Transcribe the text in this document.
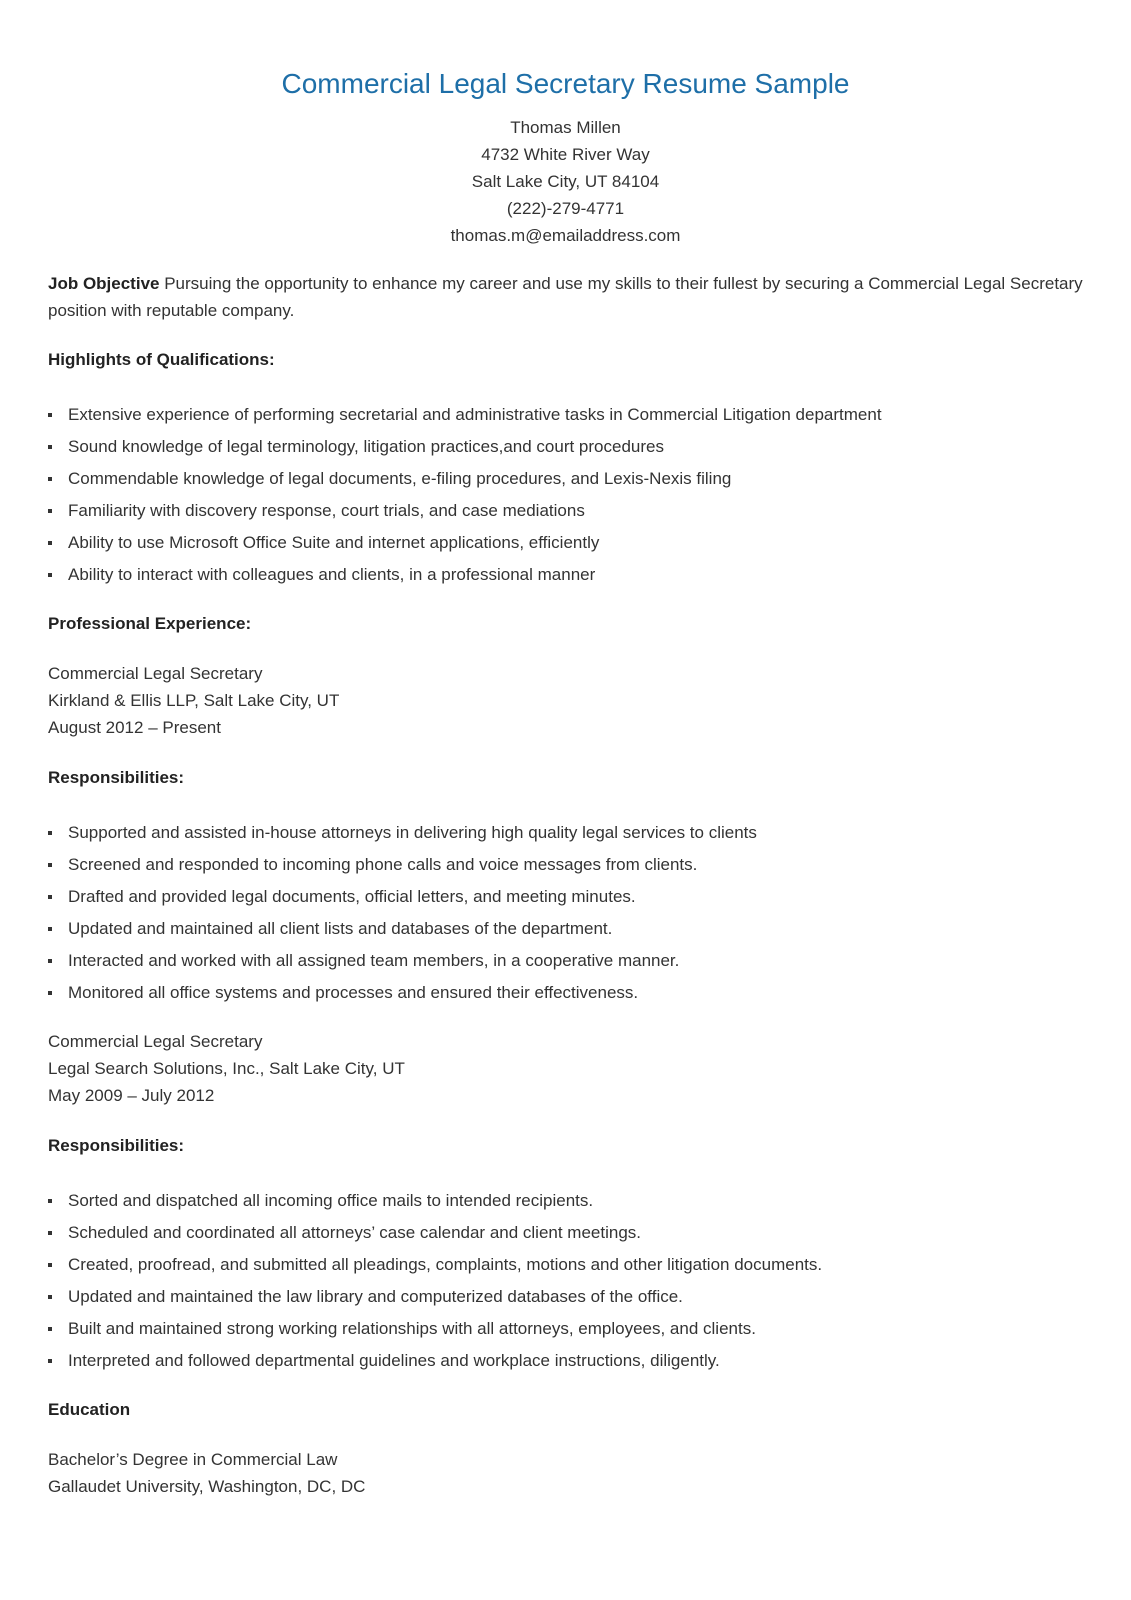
Commercial Legal Secretary Resume Sample
Thomas Millen
4732 White River Way
Salt Lake City, UT 84104
(222)-279-4771
thomas.m@emailaddress.com
Job Objective Pursuing the opportunity to enhance my career and use my skills to their fullest by securing a Commercial Legal Secretary position with reputable company.
Highlights of Qualifications:
Extensive experience of performing secretarial and administrative tasks in Commercial Litigation department
Sound knowledge of legal terminology, litigation practices,and court procedures
Commendable knowledge of legal documents, e-filing procedures, and Lexis-Nexis filing
Familiarity with discovery response, court trials, and case mediations
Ability to use Microsoft Office Suite and internet applications, efficiently
Ability to interact with colleagues and clients, in a professional manner
Professional Experience:
Commercial Legal Secretary
Kirkland & Ellis LLP, Salt Lake City, UT
August 2012 – Present
Responsibilities:
Supported and assisted in-house attorneys in delivering high quality legal services to clients
Screened and responded to incoming phone calls and voice messages from clients.
Drafted and provided legal documents, official letters, and meeting minutes.
Updated and maintained all client lists and databases of the department.
Interacted and worked with all assigned team members, in a cooperative manner.
Monitored all office systems and processes and ensured their effectiveness.
Commercial Legal Secretary
Legal Search Solutions, Inc., Salt Lake City, UT
May 2009 – July 2012
Responsibilities:
Sorted and dispatched all incoming office mails to intended recipients.
Scheduled and coordinated all attorneys’ case calendar and client meetings.
Created, proofread, and submitted all pleadings, complaints, motions and other litigation documents.
Updated and maintained the law library and computerized databases of the office.
Built and maintained strong working relationships with all attorneys, employees, and clients.
Interpreted and followed departmental guidelines and workplace instructions, diligently.
Education
Bachelor’s Degree in Commercial Law
Gallaudet University, Washington, DC, DC
